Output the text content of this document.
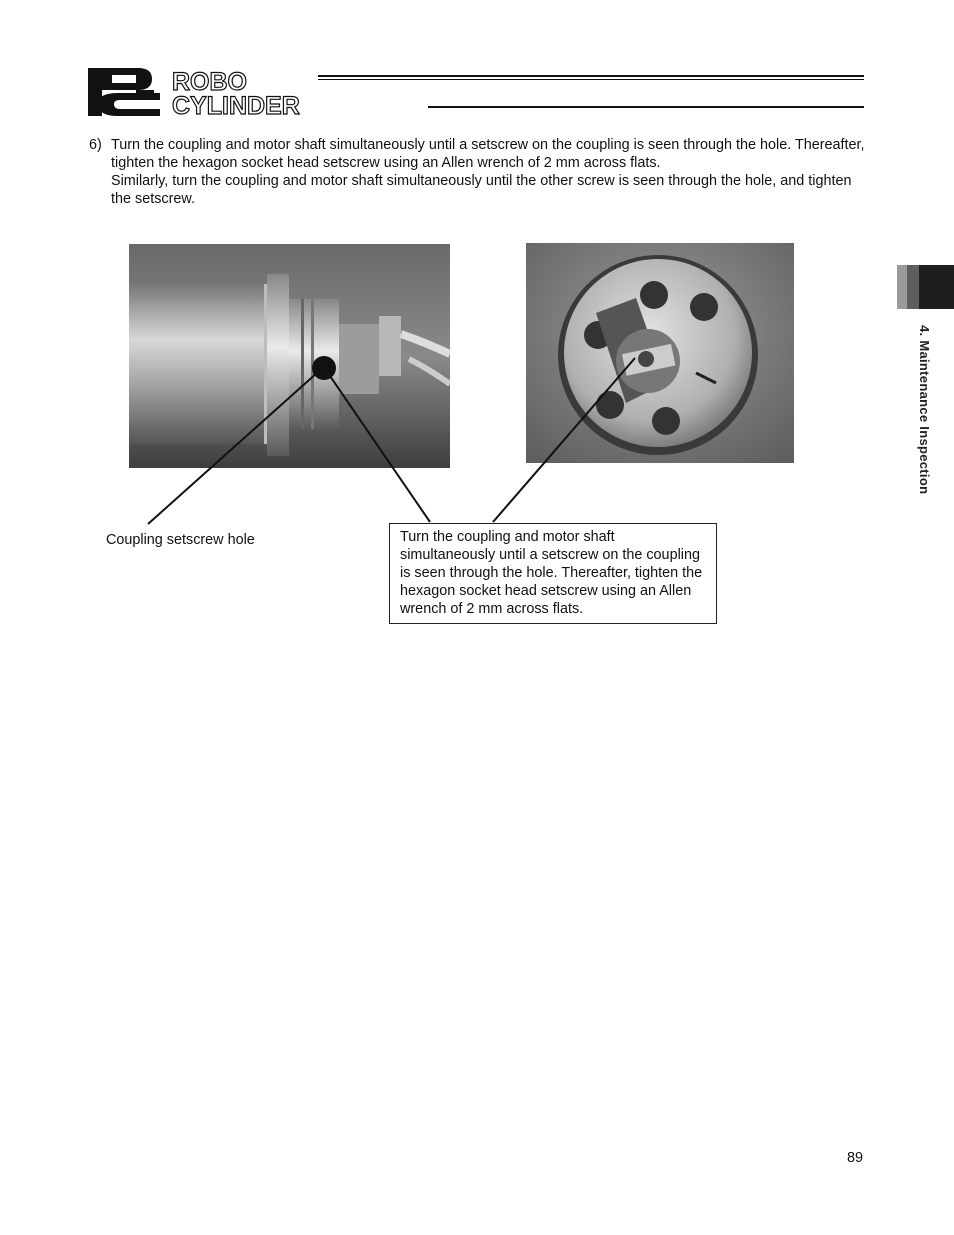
ROBO
CYLINDER
6) Turn the coupling and motor shaft simultaneously until a setscrew on the coupling is seen through the hole. Thereafter, tighten the hexagon socket head setscrew using an Allen wrench of 2 mm across flats.

Similarly, turn the coupling and motor shaft simultaneously until the other screw is seen through the hole, and tighten the setscrew.

Coupling setscrew hole	Turn the coupling and motor shaft simultaneously until a setscrew on the coupling is seen through the hole. Thereafter, tighten the hexagon socket head setscrew using an Allen wrench of 2 mm across flats.
4. Maintenance Inspection
89
